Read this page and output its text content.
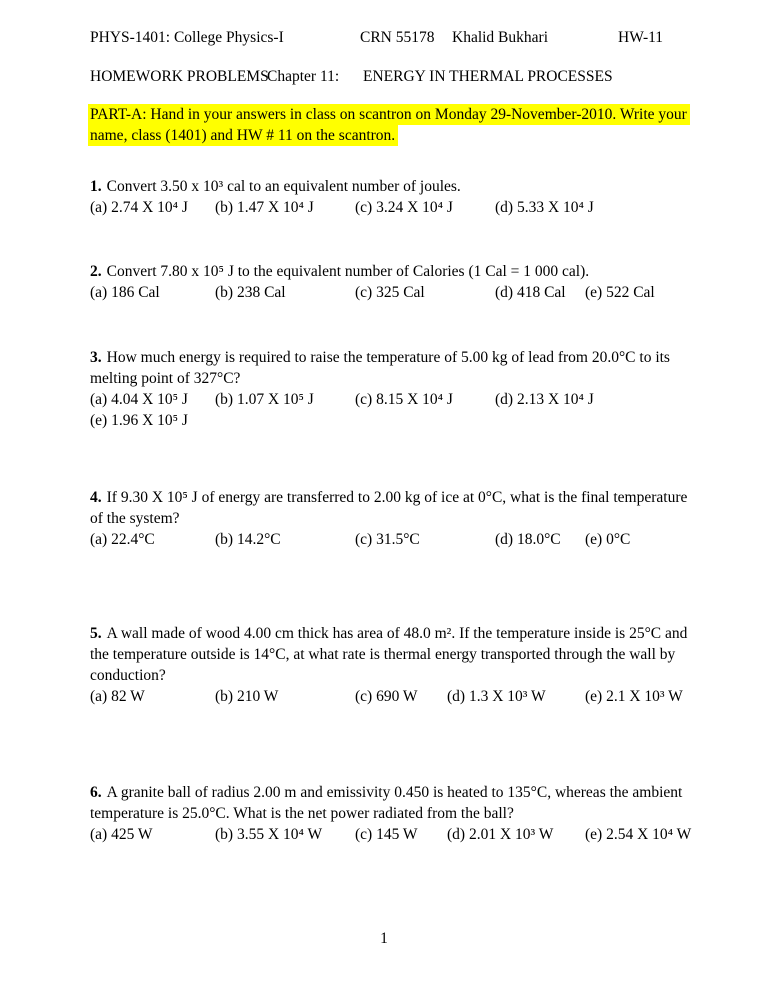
PHYS-1401: College Physics-I	CRN 55178 Khalid Bukhari	HW-11
HOMEWORK PROBLEMS
Chapter 11: ENERGY IN THERMAL PROCESSES
PART-A: Hand in your answers in class on scantron on Monday 29-November-2010. Write your
name, class (1401) and HW # 11 on the scantron.
1. Convert 3.50 x 10³ cal to an equivalent number of joules.
(a) 2.74 X 10⁴ J (b) 1.47 X 10⁴ J	(c) 3.24 X 10⁴ J	(d) 5.33 X 10⁴ J
2. Convert 7.80 x 10⁵ J to the equivalent number of Calories (1 Cal = 1 000 cal).
(a) 186 Cal	(b) 238 Cal	(c) 325 Cal	(d) 418 Cal (e) 522 Cal
3. How much energy is required to raise the temperature of 5.00 kg of lead from 20.0°C to its
melting point of 327°C?
(a) 4.04 X 10⁵ J (b) 1.07 X 10⁵ J	(c) 8.15 X 10⁴ J	(d) 2.13 X 10⁴ J
(e) 1.96 X 10⁵ J
4. If 9.30 X 10⁵ J of energy are transferred to 2.00 kg of ice at 0°C, what is the final temperature
of the system?
(a) 22.4°C	(b) 14.2°C	(c) 31.5°C	(d) 18.0°C (e) 0°C
5. A wall made of wood 4.00 cm thick has area of 48.0 m². If the temperature inside is 25°C and
the temperature outside is 14°C, at what rate is thermal energy transported through the wall by
conduction?
(a) 82 W	(b) 210 W	(c) 690 W (d) 1.3 X 10³ W	(e) 2.1 X 10³ W
6. A granite ball of radius 2.00 m and emissivity 0.450 is heated to 135°C, whereas the ambient
temperature is 25.0°C. What is the net power radiated from the ball?
(a) 425 W	(b) 3.55 X 10⁴ W (c) 145 W (d) 2.01 X 10³ W (e) 2.54 X 10⁴ W
1
